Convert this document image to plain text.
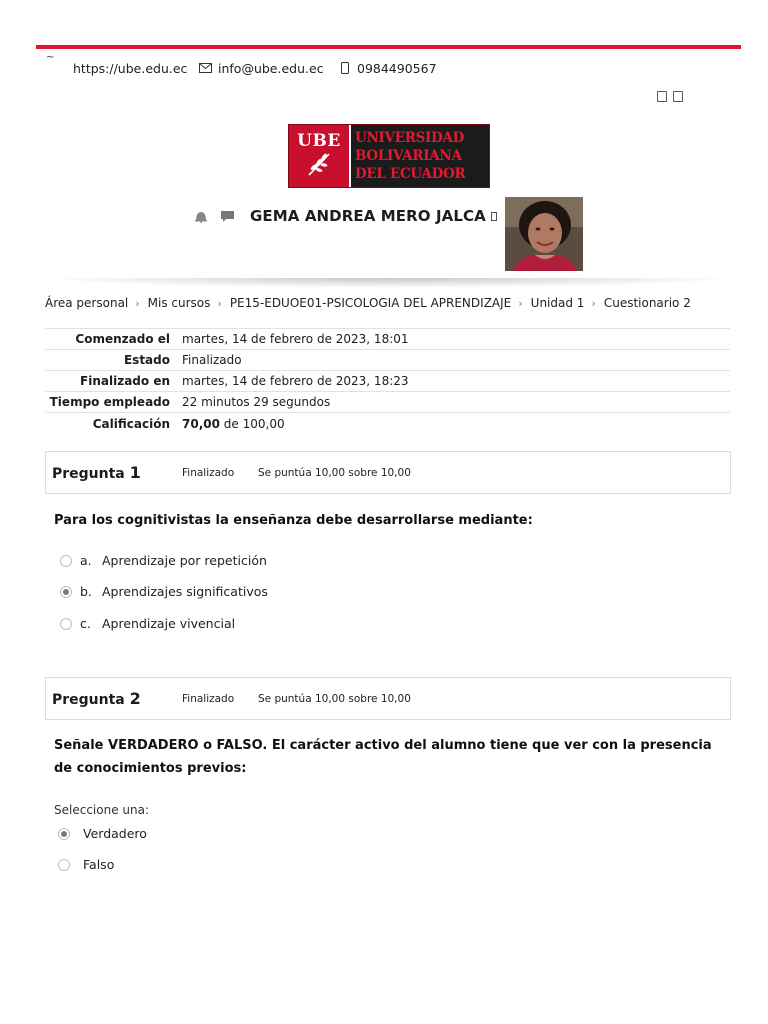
~
https://ube.edu.ec info@ube.edu.ec	0984490567
UBE UNIVERSIDAD
BOLIVARIANA
DEL ECUADOR
GEMA ANDREA MERO JALCA
Área personal › Mis cursos › PE15-EDUOE01-PSICOLOGIA DEL APRENDIZAJE › Unidad 1 › Cuestionario 2
Comenzado el	martes, 14 de febrero de 2023, 18:01
Estado	Finalizado
Finalizado en	martes, 14 de febrero de 2023, 18:23
Tiempo empleado	22 minutos 29 segundos
Calificación	70,00 de 100,00
Pregunta 1	Finalizado	Se puntúa 10,00 sobre 10,00
Para los cognitivistas la enseñanza debe desarrollarse mediante:
a. Aprendizaje por repetición
b. Aprendizajes significativos
c. Aprendizaje vivencial
Pregunta 2	Finalizado	Se puntúa 10,00 sobre 10,00
Señale VERDADERO o FALSO. El carácter activo del alumno tiene que ver con la presencia de conocimientos previos:
Seleccione una:
Verdadero
Falso
